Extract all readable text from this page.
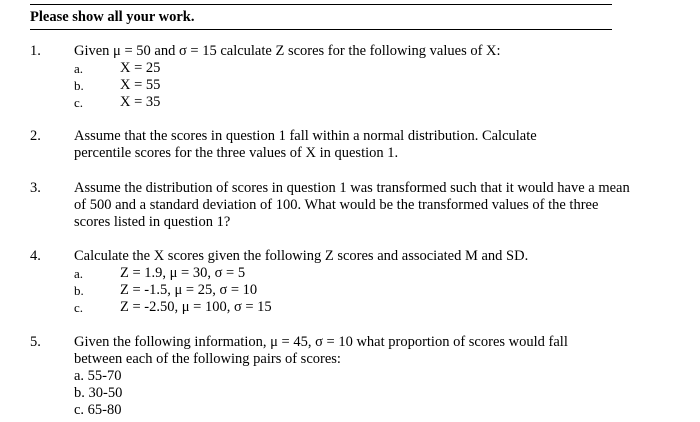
Please show all your work.
1. Given μ = 50 and σ = 15 calculate Z scores for the following values of X:
a.	X = 25
b.	X = 55
c.	X = 35
2. Assume that the scores in question 1 fall within a normal distribution. Calculate percentile scores for the three values of X in question 1.
3. Assume the distribution of scores in question 1 was transformed such that it would have a mean of 500 and a standard deviation of 100. What would be the transformed values of the three scores listed in question 1?
4. Calculate the X scores given the following Z scores and associated M and SD.
a.	Z = 1.9, μ = 30, σ = 5
b.	Z = -1.5, μ = 25, σ = 10
c.	Z = -2.50, μ = 100, σ = 15
5. Given the following information, μ = 45, σ = 10 what proportion of scores would fall between each of the following pairs of scores:
a. 55-70
b. 30-50
c. 65-80
